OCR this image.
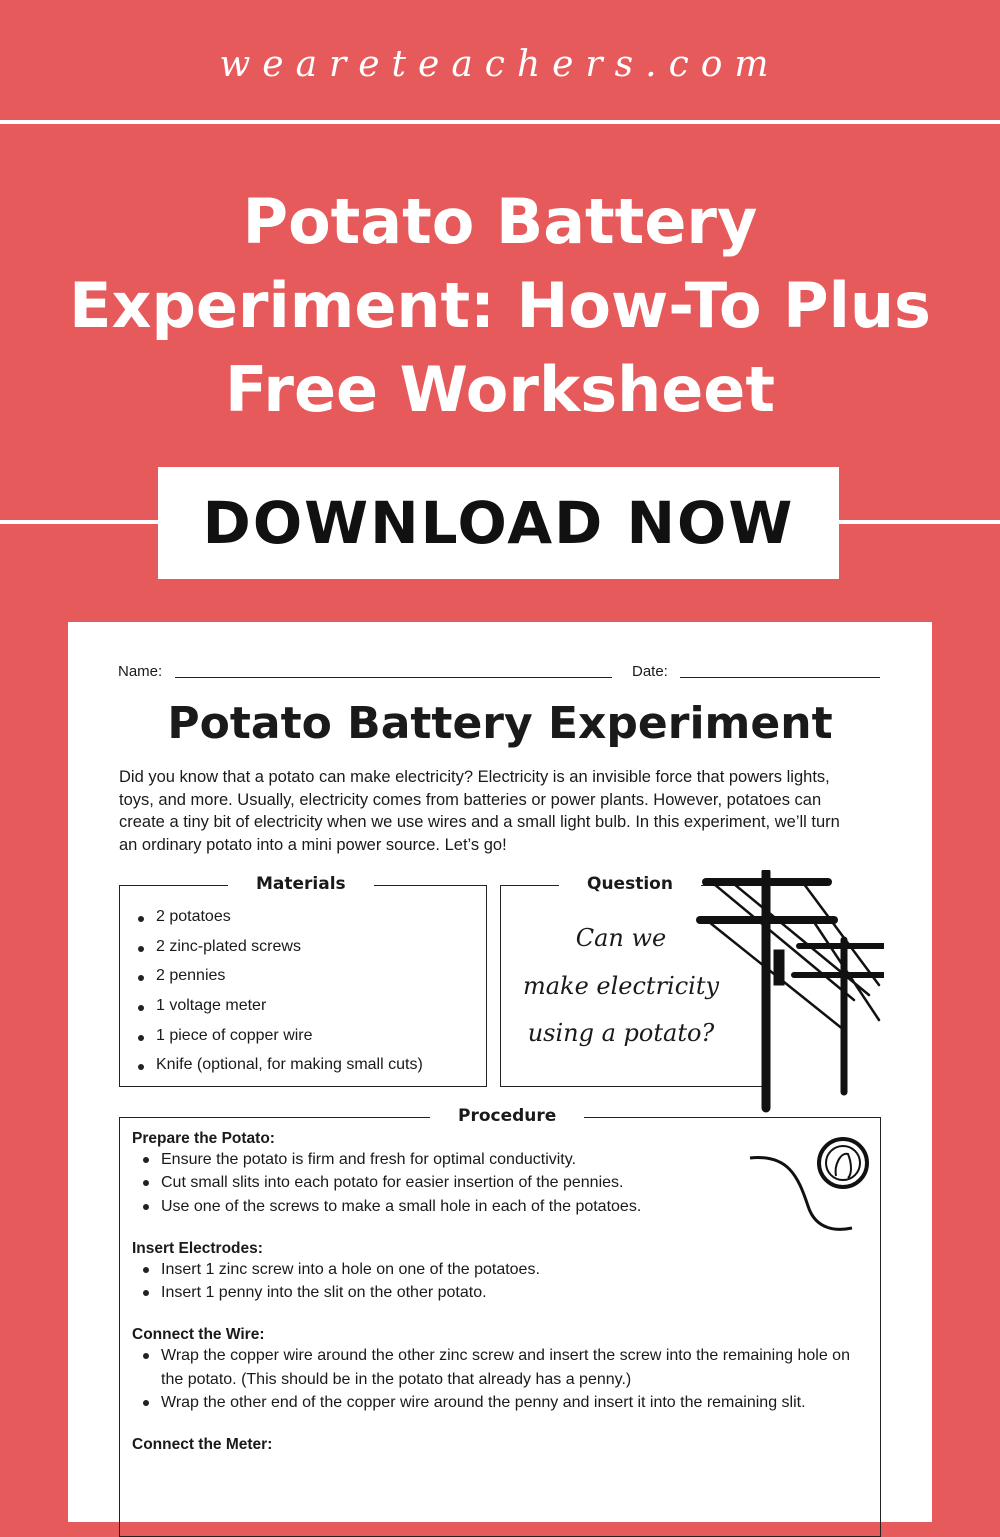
weareteachers.com
Potato Battery
Experiment: How-To Plus
Free Worksheet
DOWNLOAD NOW
Name:	Date:
Potato Battery Experiment
Did you know that a potato can make electricity? Electricity is an invisible force that powers lights, toys, and more. Usually, electricity comes from batteries or power plants. However, potatoes can create a tiny bit of electricity when we use wires and a small light bulb. In this experiment, we’ll turn an ordinary potato into a mini power source. Let’s go!
Materials
2 potatoes
2 zinc-plated screws
2 pennies
1 voltage meter
1 piece of copper wire
Knife (optional, for making small cuts)
Question
Can we
make electricity
using a potato?
Procedure
Prepare the Potato:
Ensure the potato is firm and fresh for optimal conductivity.
Cut small slits into each potato for easier insertion of the pennies.
Use one of the screws to make a small hole in each of the potatoes.
Insert Electrodes:
Insert 1 zinc screw into a hole on one of the potatoes.
Insert 1 penny into the slit on the other potato.
Connect the Wire:
Wrap the copper wire around the other zinc screw and insert the screw into the remaining hole on the potato. (This should be in the potato that already has a penny.)
Wrap the other end of the copper wire around the penny and insert it into the remaining slit.
Connect the Meter:
